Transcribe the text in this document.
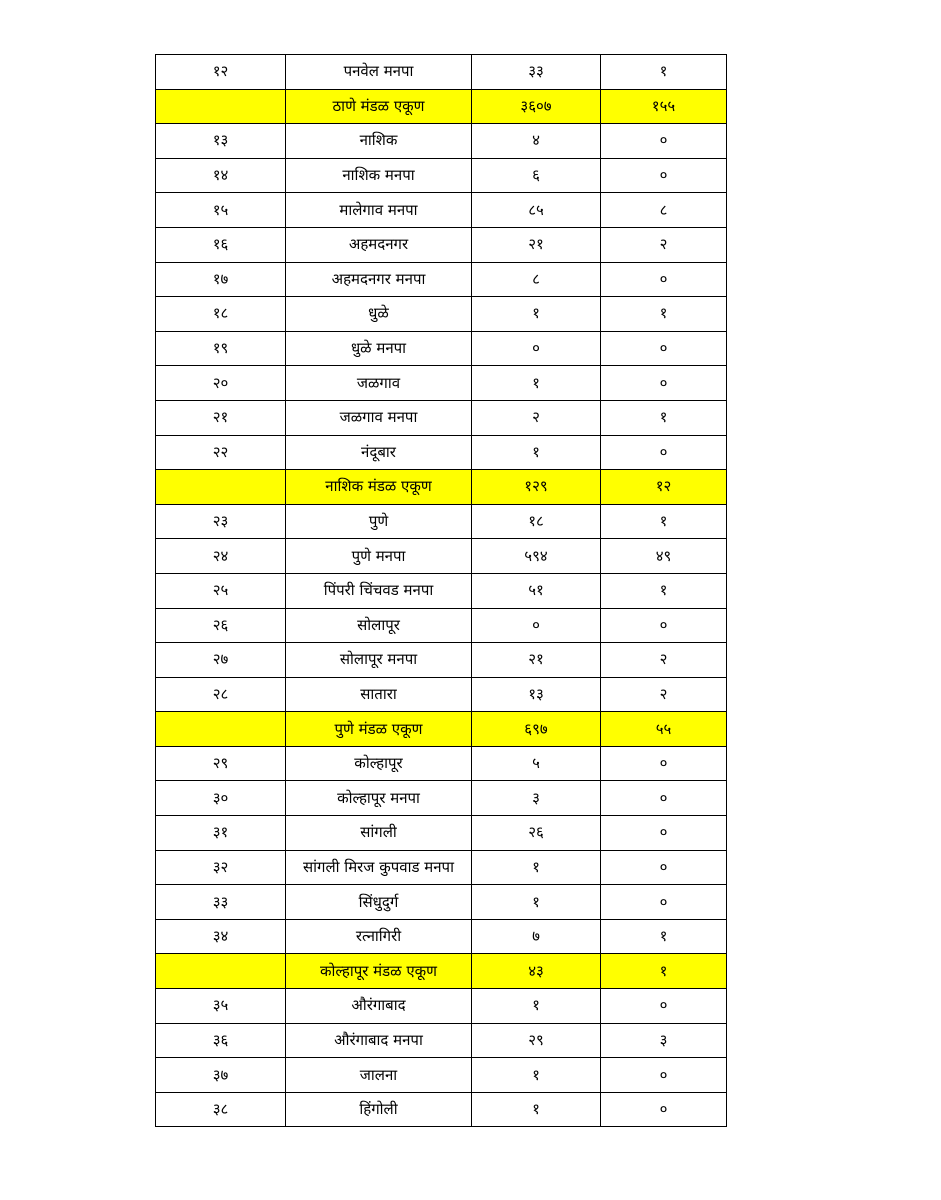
१२	पनवेल मनपा	३३	१
	ठाणे मंडळ एकूण	३६०७	१५५
१३	नाशिक	४	०
१४	नाशिक मनपा	६	०
१५	मालेगाव मनपा	८५	८
१६	अहमदनगर	२१	२
१७	अहमदनगर मनपा	८	०
१८	धुळे	१	१
१९	धुळे मनपा	०	०
२०	जळगाव	१	०
२१	जळगाव मनपा	२	१
२२	नंदूबार	१	०
	नाशिक मंडळ एकूण	१२९	१२
२३	पुणे	१८	१
२४	पुणे मनपा	५९४	४९
२५	पिंपरी चिंचवड मनपा	५१	१
२६	सोलापूर	०	०
२७	सोलापूर मनपा	२१	२
२८	सातारा	१३	२
	पुणे मंडळ एकूण	६९७	५५
२९	कोल्हापूर	५	०
३०	कोल्हापूर मनपा	३	०
३१	सांगली	२६	०
३२	सांगली मिरज कुपवाड मनपा	१	०
३३	सिंधुदुर्ग	१	०
३४	रत्नागिरी	७	१
	कोल्हापूर मंडळ एकूण	४३	१
३५	औरंगाबाद	१	०
३६	औरंगाबाद मनपा	२९	३
३७	जालना	१	०
३८	हिंगोली	१	०
